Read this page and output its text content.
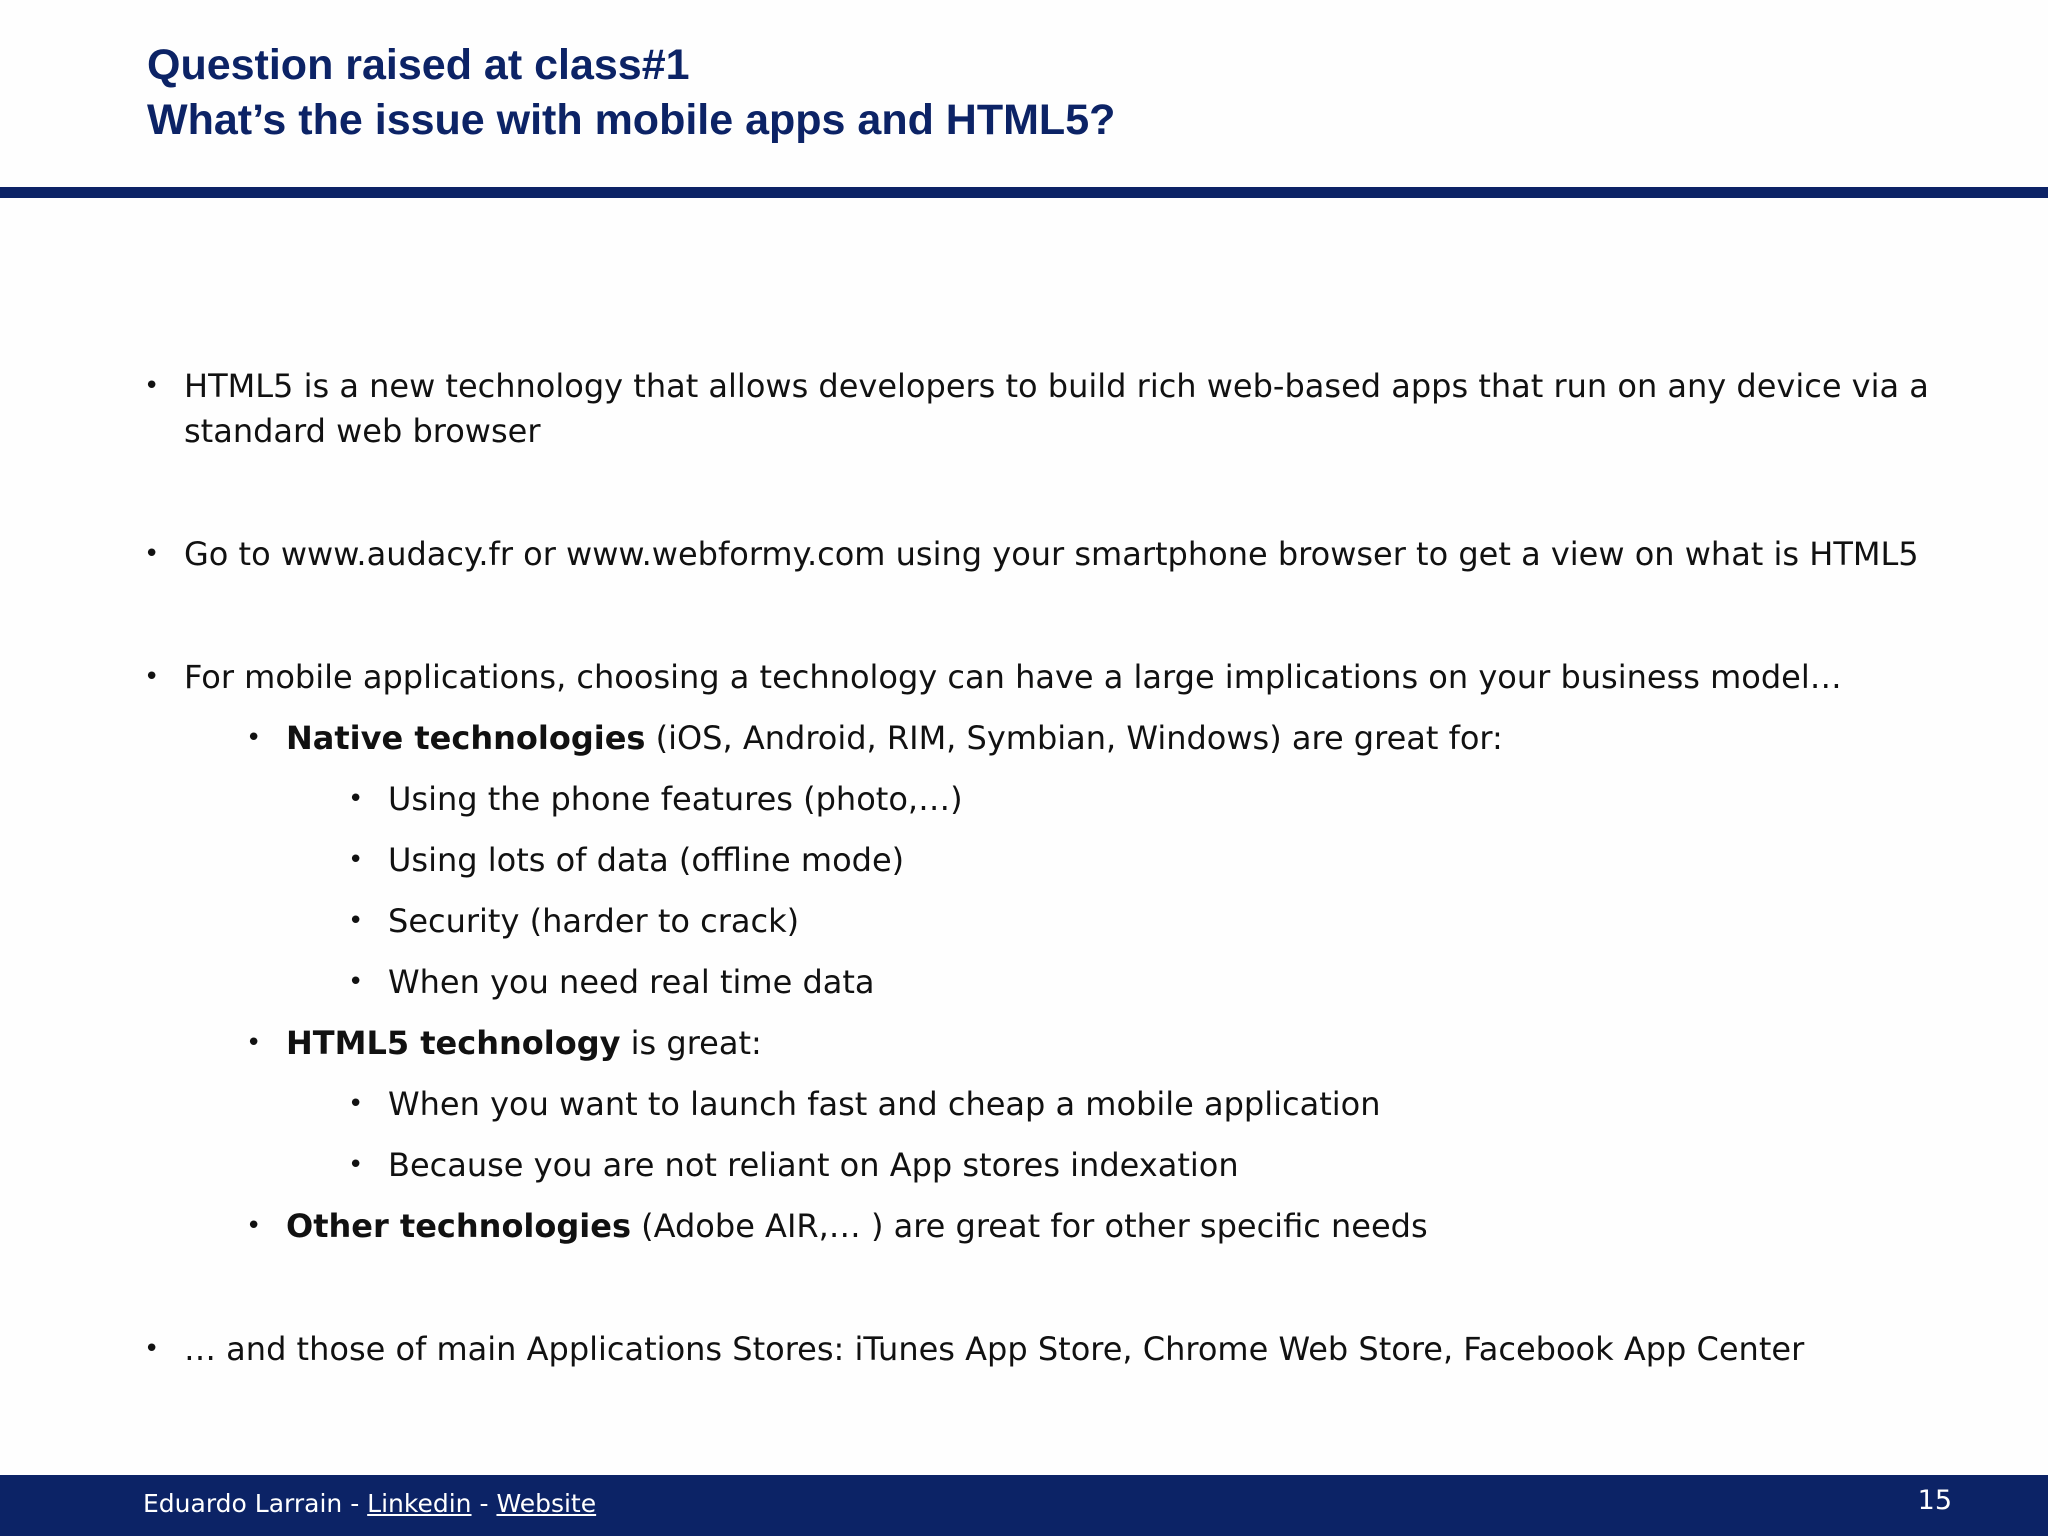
Question raised at class#1
What’s the issue with mobile apps and HTML5?

• HTML5 is a new technology that allows developers to build rich web-based apps that run on any device via a standard web browser

• Go to www.audacy.fr or www.webformy.com using your smartphone browser to get a view on what is HTML5

• For mobile applications, choosing a technology can have a large implications on your business model…

• Native technologies (iOS, Android, RIM, Symbian, Windows) are great for:

• Using the phone features (photo,…)

• Using lots of data (offline mode)

• Security (harder to crack)

• When you need real time data

• HTML5 technology is great:

• When you want to launch fast and cheap a mobile application

• Because you are not reliant on App stores indexation

• Other technologies (Adobe AIR,… ) are great for other specific needs

• … and those of main Applications Stores: iTunes App Store, Chrome Web Store, Facebook App Center

Eduardo Larrain - Linkedin - Website	15
